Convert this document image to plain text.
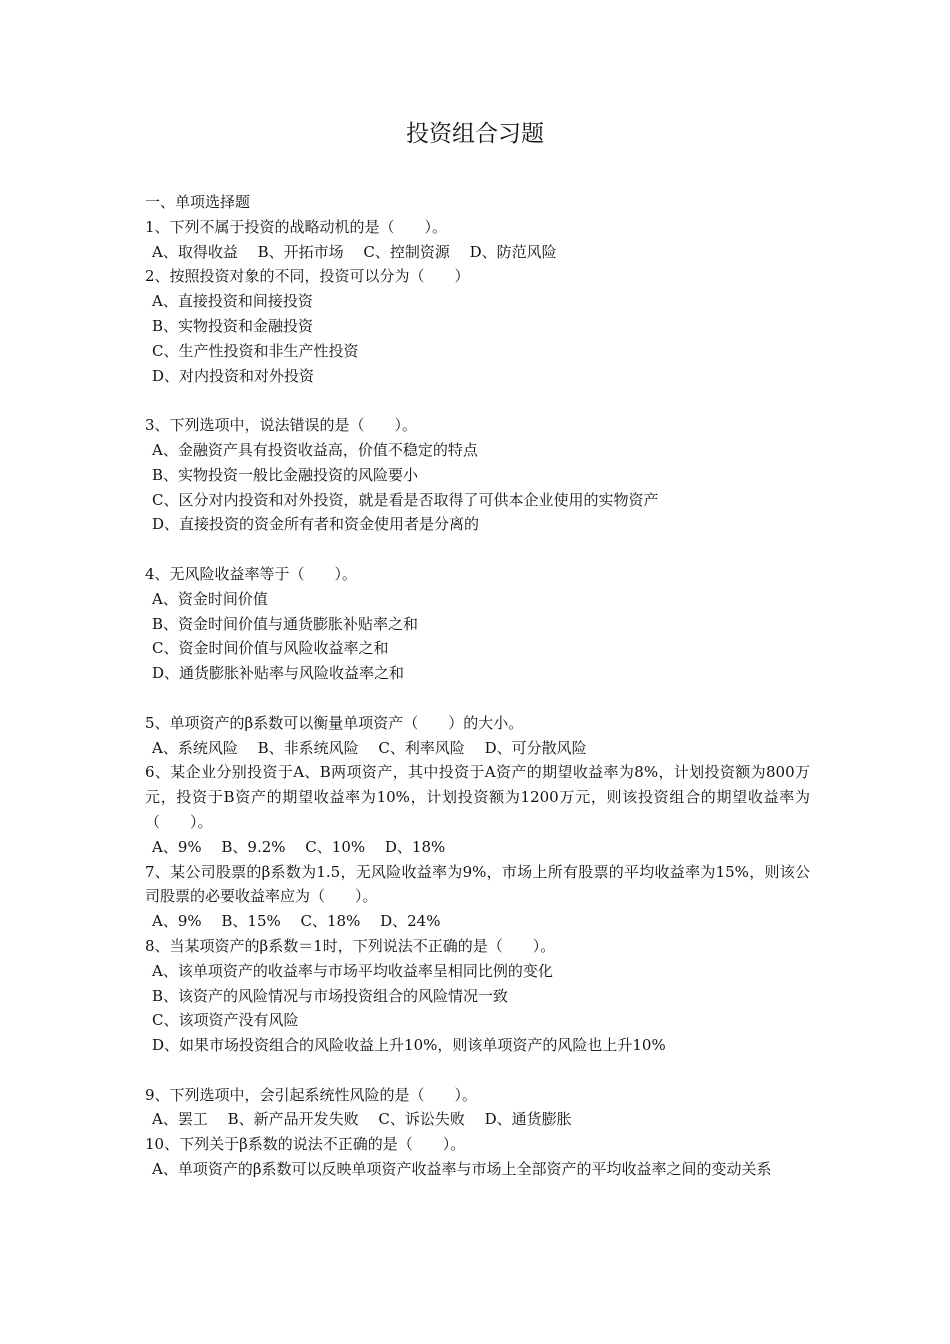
投资组合习题
一、单项选择题
1、下列不属于投资的战略动机的是（　　）。
A、取得收益　 B、开拓市场　 C、控制资源　 D、防范风险
2、按照投资对象的不同，投资可以分为（　　）
A、直接投资和间接投资
B、实物投资和金融投资
C、生产性投资和非生产性投资
D、对内投资和对外投资
3、下列选项中，说法错误的是（　　）。
A、金融资产具有投资收益高，价值不稳定的特点
B、实物投资一般比金融投资的风险要小
C、区分对内投资和对外投资，就是看是否取得了可供本企业使用的实物资产
D、直接投资的资金所有者和资金使用者是分离的
4、无风险收益率等于（　　）。
A、资金时间价值
B、资金时间价值与通货膨胀补贴率之和
C、资金时间价值与风险收益率之和
D、通货膨胀补贴率与风险收益率之和
5、单项资产的β系数可以衡量单项资产（　　）的大小。
A、系统风险　 B、非系统风险　 C、利率风险　 D、可分散风险
6、某企业分别投资于A、B两项资产，其中投资于A资产的期望收益率为8%，计划投资额为800万元，投资于B资产的期望收益率为10%，计划投资额为1200万元，则该投资组合的期望收益率为（　　）。
A、9%　 B、9.2%　 C、10%　 D、18%
7、某公司股票的β系数为1.5，无风险收益率为9%，市场上所有股票的平均收益率为15%，则该公司股票的必要收益率应为（　　）。
A、9%　 B、15%　 C、18%　 D、24%
8、当某项资产的β系数＝1时，下列说法不正确的是（　　）。
A、该单项资产的收益率与市场平均收益率呈相同比例的变化
B、该资产的风险情况与市场投资组合的风险情况一致
C、该项资产没有风险
D、如果市场投资组合的风险收益上升10%，则该单项资产的风险也上升10%
9、下列选项中，会引起系统性风险的是（　　）。
A、罢工　 B、新产品开发失败　 C、诉讼失败　 D、通货膨胀
10、下列关于β系数的说法不正确的是（　　）。
A、单项资产的β系数可以反映单项资产收益率与市场上全部资产的平均收益率之间的变动关系
